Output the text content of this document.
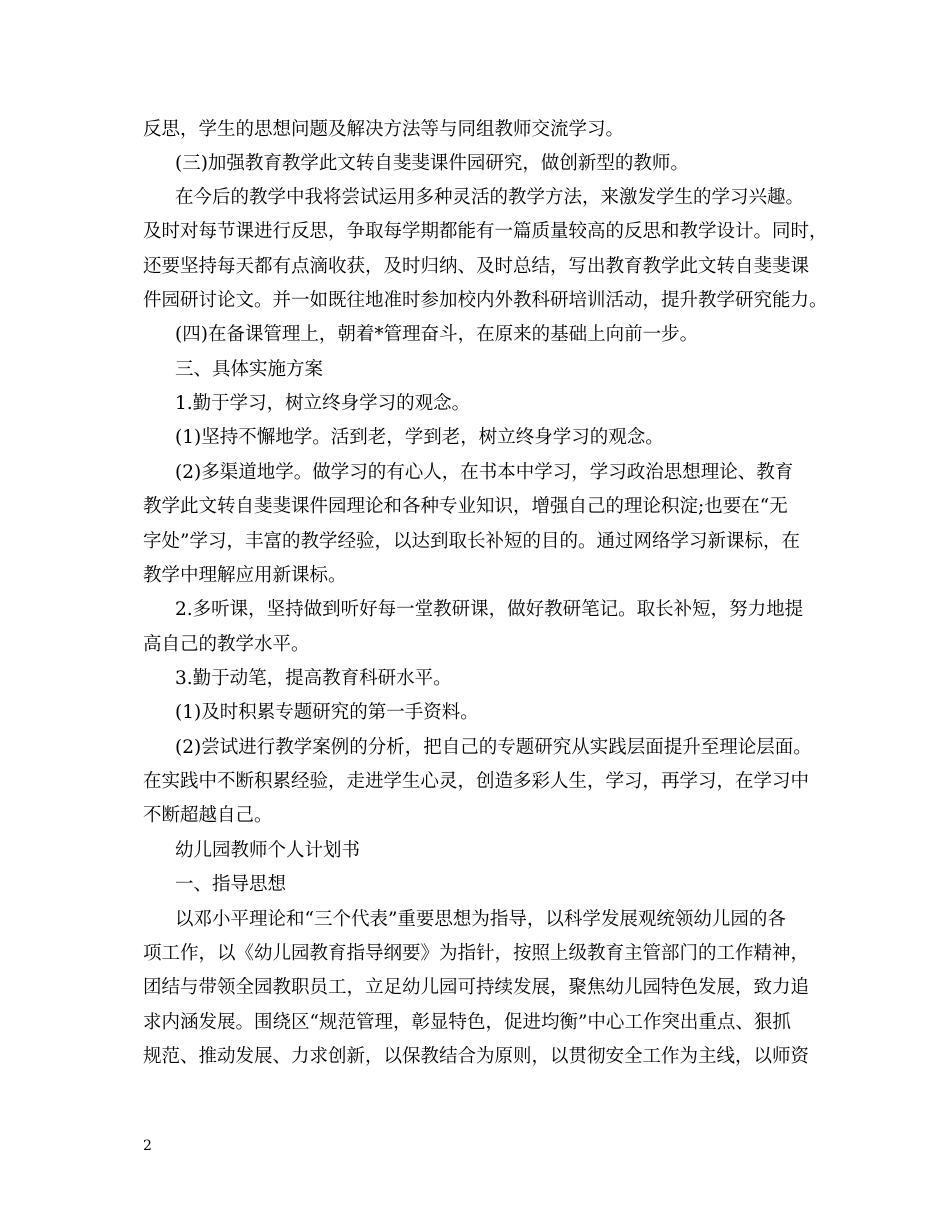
反思，学生的思想问题及解决方法等与同组教师交流学习。
(三)加强教育教学此文转自斐斐课件园研究，做创新型的教师。
在今后的教学中我将尝试运用多种灵活的教学方法，来激发学生的学习兴趣。
及时对每节课进行反思，争取每学期都能有一篇质量较高的反思和教学设计。同时，
还要坚持每天都有点滴收获，及时归纳、及时总结，写出教育教学此文转自斐斐课
件园研讨论文。并一如既往地准时参加校内外教科研培训活动，提升教学研究能力。
(四)在备课管理上，朝着*管理奋斗，在原来的基础上向前一步。
三、具体实施方案
1.勤于学习，树立终身学习的观念。
(1)坚持不懈地学。活到老，学到老，树立终身学习的观念。
(2)多渠道地学。做学习的有心人，在书本中学习，学习政治思想理论、教育
教学此文转自斐斐课件园理论和各种专业知识，增强自己的理论积淀;也要在“无
字处”学习，丰富的教学经验，以达到取长补短的目的。通过网络学习新课标，在
教学中理解应用新课标。
2.多听课，坚持做到听好每一堂教研课，做好教研笔记。取长补短，努力地提
高自己的教学水平。
3.勤于动笔，提高教育科研水平。
(1)及时积累专题研究的第一手资料。
(2)尝试进行教学案例的分析，把自己的专题研究从实践层面提升至理论层面。
在实践中不断积累经验，走进学生心灵，创造多彩人生，学习，再学习，在学习中
不断超越自己。
幼儿园教师个人计划书
一、指导思想
以邓小平理论和“三个代表”重要思想为指导，以科学发展观统领幼儿园的各
项工作，以《幼儿园教育指导纲要》为指针，按照上级教育主管部门的工作精神，
团结与带领全园教职员工，立足幼儿园可持续发展，聚焦幼儿园特色发展，致力追
求内涵发展。围绕区“规范管理，彰显特色，促进均衡”中心工作突出重点、狠抓
规范、推动发展、力求创新，以保教结合为原则，以贯彻安全工作为主线，以师资
2
